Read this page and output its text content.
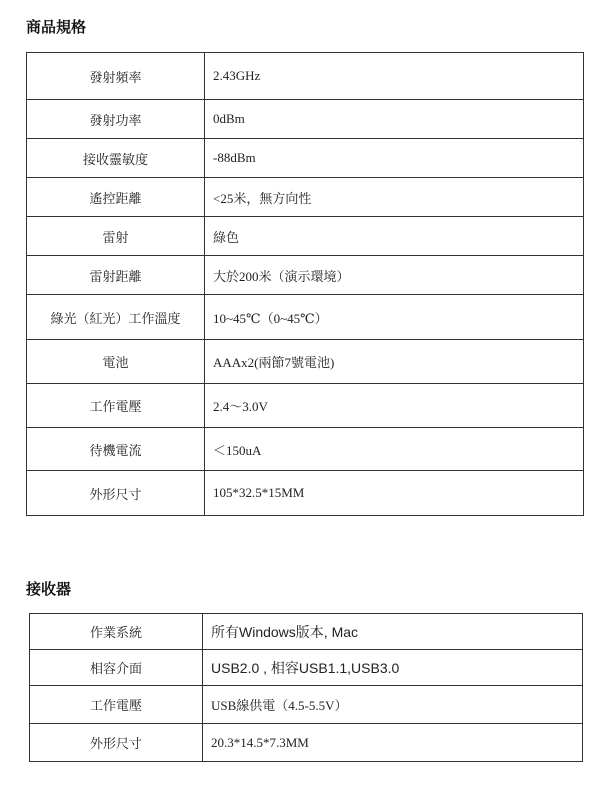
商品規格
發射頻率	2.43GHz
發射功率	0dBm
接收靈敏度	-88dBm
遙控距離	<25米，無方向性
雷射	綠色
雷射距離	大於200米（演示環境）
綠光（紅光）工作溫度	10~45℃（0~45℃）
電池	AAAx2(兩節7號電池)
工作電壓	2.4～3.0V
待機電流	＜150uA
外形尺寸	105*32.5*15MM
接收器
作業系統	所有Windows版本, Mac
相容介面	USB2.0 , 相容USB1.1,USB3.0
工作電壓	USB線供電（4.5-5.5V）
外形尺寸	20.3*14.5*7.3MM
